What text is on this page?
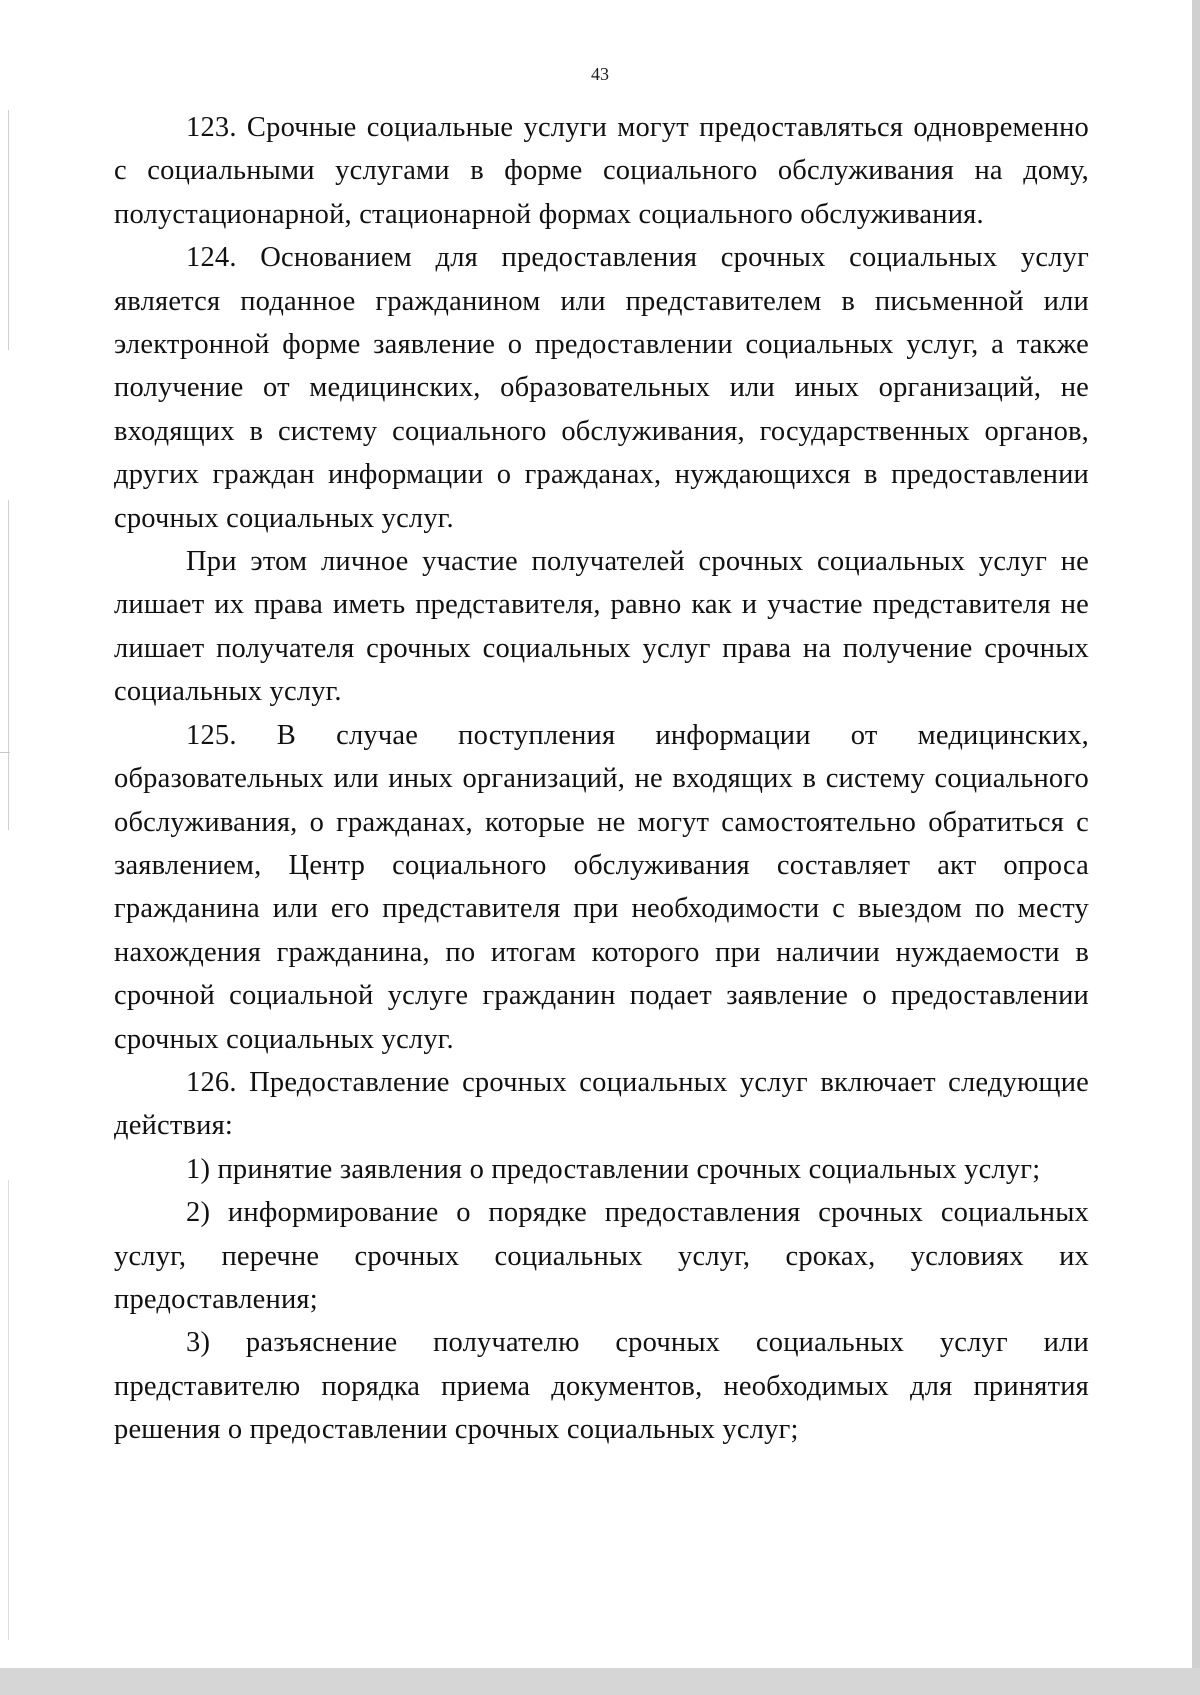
43

123. Срочные социальные услуги могут предоставляться одновременно с социальными услугами в форме социального обслуживания на дому, полустационарной, стационарной формах социального обслуживания.

124. Основанием для предоставления срочных социальных услуг является поданное гражданином или представителем в письменной или электронной форме заявление о предоставлении социальных услуг, а также получение от медицинских, образовательных или иных организаций, не входящих в систему социального обслуживания, государственных органов, других граждан информации о гражданах, нуждающихся в предоставлении срочных социальных услуг.

При этом личное участие получателей срочных социальных услуг не лишает их права иметь представителя, равно как и участие представителя не лишает получателя срочных социальных услуг права на получение срочных социальных услуг.

125. В случае поступления информации от медицинских, образовательных или иных организаций, не входящих в систему социального обслуживания, о гражданах, которые не могут самостоятельно обратиться с заявлением, Центр социального обслуживания составляет акт опроса гражданина или его представителя при необходимости с выездом по месту нахождения гражданина, по итогам которого при наличии нуждаемости в срочной социальной услуге гражданин подает заявление о предоставлении срочных социальных услуг.

126. Предоставление срочных социальных услуг включает следующие действия:

1) принятие заявления о предоставлении срочных социальных услуг;

2) информирование о порядке предоставления срочных социальных услуг, перечне срочных социальных услуг, сроках, условиях их предоставления;

3) разъяснение получателю срочных социальных услуг или представителю порядка приема документов, необходимых для принятия решения о предоставлении срочных социальных услуг;
